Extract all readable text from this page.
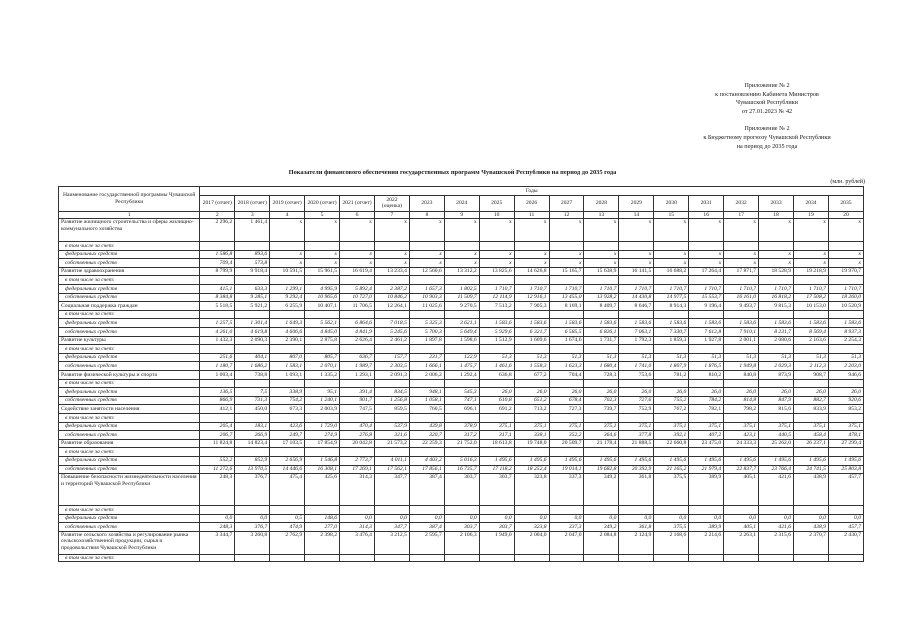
Приложение № 2
к постановлению Кабинета Министров
Чувашской Республики
от 27.01.2023 № 42
Приложение № 2
к Бюджетному прогнозу Чувашской Республики
на период до 2035 года
Показатели финансового обеспечения государственных программ Чувашской Республики на период до 2035 года
(млн. рублей)
Наименование государственной программы Чувашской Республики	Годы																		
	2017 (отчет)	2018 (отчет)	2019 (отчет)	2020 (отчет)	2021 (отчет)	2022 (оценка)	2023	2024	2025	2026	2027	2028	2029	2030	2031	2032	2033	2034	2035
1	2	3	4	5	6	7	8	9	10	11	12	13	14	15	16	17	18	19	20
Развитие жилищного строительства и сферы жилищно-коммунального хозяйства	2 296,2	1 461,4	x	x	x	x	x	x	x	x	x	x	x	x	x	x	x	x	x
в том числе за счет:																			
федеральных средств	1 586,8	893,6	x	x	x	x	x	x	x	x	x	x	x	x	x	x	x	x	x
собственных средств	709,4	573,8	x	x	x	x	x	x	x	x	x	x	x	x	x	x	x	x	x
Развитие здравоохранения	8 799,9	9 918,4	10 591,5	15 961,5	16 619,4	13 233,4	12 560,6	13 312,2	13 825,6	14 626,8	15 165,7	15 638,9	16 141,5	16 688,2	17 264,4	17 871,7	18 528,9	19 218,9	19 970,7
в том числе за счет:																			
федеральных средств	415,1	633,3	1 299,1	4 995,9	5 892,4	2 387,2	1 657,3	1 802,5	1 710,7	1 710,7	1 710,7	1 710,7	1 710,7	1 710,7	1 710,7	1 710,7	1 710,7	1 710,7	1 710,7
собственных средств	8 384,8	9 285,1	9 292,4	10 965,6	10 727,0	10 846,2	10 903,3	11 509,7	12 114,9	12 916,1	13 455,0	13 928,2	14 430,8	14 977,5	15 553,7	16 161,0	16 818,2	17 508,2	18 260,0
Социальная поддержка граждан	5 518,5	5 921,2	6 255,9	10 407,1	11 706,5	12 264,1	11 025,6	9 270,5	7 513,2	7 905,3	8 169,1	8 409,7	8 646,7	8 914,3	9 196,4	9 493,7	9 815,3	10 153,0	10 520,9
в том числе за счет:																			
федеральных средств	1 257,5	1 301,4	1 649,3	5 562,1	6 864,6	7 018,5	5 325,3	3 621,1	1 583,6	1 583,6	1 583,6	1 583,6	1 583,6	1 583,6	1 583,6	1 583,6	1 583,6	1 583,6	1 583,6
собственных средств	4 261,0	4 619,8	4 606,6	4 845,0	4 841,9	5 245,6	5 700,3	5 649,4	5 929,6	6 321,7	6 585,5	6 826,1	7 063,1	7 330,7	7 612,8	7 910,1	8 231,7	8 569,4	8 937,3
Развитие культуры	1 432,3	2 090,3	2 390,1	2 875,8	2 626,4	2 461,2	1 897,8	1 598,6	1 512,9	1 609,6	1 674,6	1 731,7	1 792,3	1 859,3	1 927,8	2 001,1	2 080,6	2 163,6	2 254,3
в том числе за счет:																			
федеральных средств	251,6	404,1	807,0	805,7	636,7	157,7	231,7	122,9	51,3	51,3	51,3	51,3	51,3	51,3	51,3	51,3	51,3	51,3	51,3
собственных средств	1 180,7	1 686,2	1 583,1	2 070,1	1 989,7	2 303,5	1 666,1	1 475,7	1 461,6	1 558,3	1 623,3	1 680,4	1 741,0	1 807,9	1 876,5	1 949,8	2 029,3	2 112,3	2 203,0
Развитие физической культуры и спорта	1 003,4	738,8	1 093,1	1 335,2	1 293,1	2 091,3	2 006,2	1 292,4	636,8	677,2	704,4	728,3	753,6	781,2	810,2	840,8	873,9	908,7	946,6
в том числе за счет:																			
федеральных средств	136,5	7,5	338,9	95,1	391,4	834,5	948,1	545,3	26,0	26,0	26,0	26,0	26,0	26,0	26,0	26,0	26,0	26,0	26,0
собственных средств	866,9	731,3	754,2	1 240,1	901,7	1 256,8	1 058,1	747,1	610,8	651,2	678,4	702,3	727,6	755,2	784,2	814,8	847,9	882,7	920,6
Содействие занятости населения	412,1	450,0	673,3	2 003,9	747,5	859,5	760,5	696,1	691,2	713,2	727,3	739,7	752,9	767,2	782,1	798,2	815,6	833,9	853,2
в том числе за счет:																			
федеральных средств	205,4	183,1	423,6	1 729,0	470,4	537,9	439,8	378,9	375,1	375,1	375,1	375,1	375,1	375,1	375,1	375,1	375,1	375,1	375,1
собственных средств	206,7	266,9	249,7	274,9	276,8	321,6	320,7	317,2	317,1	338,1	352,2	364,6	377,8	392,1	407,2	423,1	440,5	458,4	478,1
Развитие образования	11 824,8	14 823,4	17 103,5	17 854,9	20 042,8	21 573,2	22 259,3	21 752,0	18 613,8	19 748,0	20 509,7	21 178,4	21 888,5	22 660,8	23 475,0	24 333,3	25 262,0	26 237,1	27 299,4
в том числе за счет:																			
федеральных средств	552,2	852,9	2 656,9	1 546,8	2 773,7	4 011,1	4 403,2	5 016,3	1 495,6	1 495,6	1 495,6	1 495,6	1 495,6	1 495,6	1 495,6	1 495,6	1 495,6	1 495,6	1 495,6
собственных средств	11 272,6	13 970,5	14 446,6	16 308,1	17 269,1	17 562,1	17 856,1	16 735,7	17 118,2	18 252,4	19 014,1	19 682,8	20 392,9	21 165,2	21 979,4	22 837,7	23 766,4	24 741,5	25 803,8
Повышение безопасности жизнедеятельности населения и территорий Чувашской Республики	248,3	376,7	475,4	425,6	314,3	347,7	387,4	303,7	303,7	323,8	337,3	349,2	361,8	375,5	389,9	405,1	421,6	438,9	457,7
в том числе за счет:																			
федеральных средств	0,0	0,0	0,5	148,6	0,0	0,0	0,0	0,0	0,0	0,0	0,0	0,0	0,0	0,0	0,0	0,0	0,0	0,0	0,0
собственных средств	248,3	376,7	474,9	277,0	314,3	347,7	387,4	303,7	303,7	323,8	337,3	349,2	361,8	375,5	389,9	405,1	421,6	438,9	457,7
Развитие сельского хозяйства и регулирование рынка сельскохозяйственной продукции, сырья и продовольствия Чувашской Республики	3 344,7	3 260,8	2 762,9	2 398,2	3 476,4	3 212,5	2 595,7	2 106,3	1 949,0	2 004,0	2 047,0	2 084,8	2 124,9	2 168,6	2 214,6	2 263,1	2 315,6	2 370,7	2 430,7
в том числе за счет:																			
